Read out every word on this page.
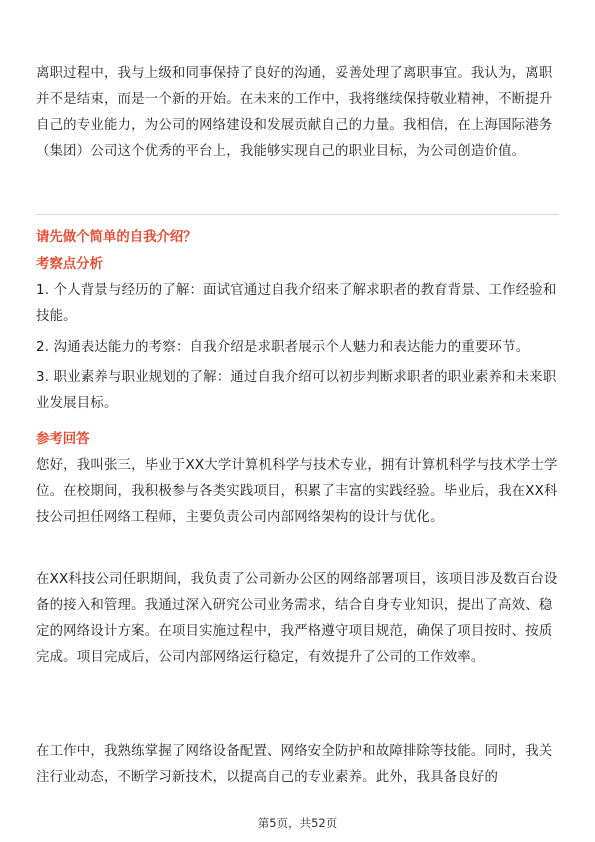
离职过程中，我与上级和同事保持了良好的沟通，妥善处理了离职事宜。我认为，离职并不是结束，而是一个新的开始。在未来的工作中，我将继续保持敬业精神，不断提升自己的专业能力，为公司的网络建设和发展贡献自己的力量。我相信，在上海国际港务（集团）公司这个优秀的平台上，我能够实现自己的职业目标，为公司创造价值。

请先做个简单的自我介绍？

考察点分析

1. 个人背景与经历的了解：面试官通过自我介绍来了解求职者的教育背景、工作经验和技能。

2. 沟通表达能力的考察：自我介绍是求职者展示个人魅力和表达能力的重要环节。

3. 职业素养与职业规划的了解：通过自我介绍可以初步判断求职者的职业素养和未来职业发展目标。

参考回答

您好，我叫张三，毕业于XX大学计算机科学与技术专业，拥有计算机科学与技术学士学位。在校期间，我积极参与各类实践项目，积累了丰富的实践经验。毕业后，我在XX科技公司担任网络工程师，主要负责公司内部网络架构的设计与优化。

在XX科技公司任职期间，我负责了公司新办公区的网络部署项目，该项目涉及数百台设备的接入和管理。我通过深入研究公司业务需求，结合自身专业知识，提出了高效、稳定的网络设计方案。在项目实施过程中，我严格遵守项目规范，确保了项目按时、按质完成。项目完成后，公司内部网络运行稳定，有效提升了公司的工作效率。

在工作中，我熟练掌握了网络设备配置、网络安全防护和故障排除等技能。同时，我关注行业动态，不断学习新技术，以提高自己的专业素养。此外，我具备良好的

第5页，共52页
